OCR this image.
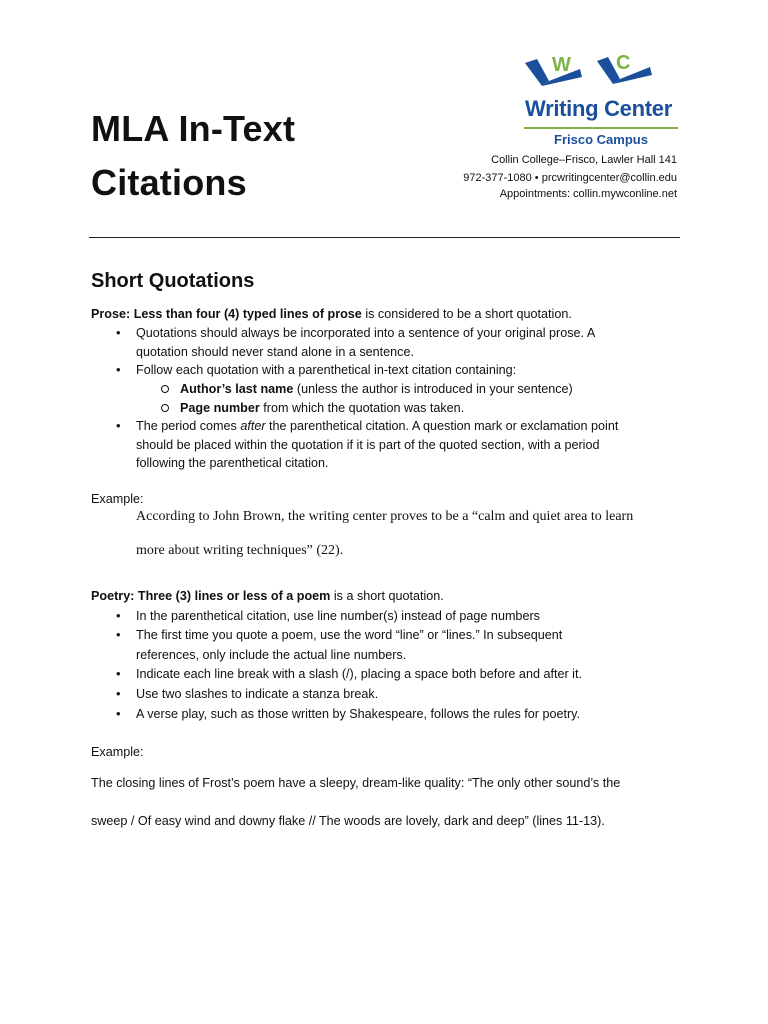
MLA In-Text
Citations
W C
Writing Center
Frisco Campus
Collin College–Frisco, Lawler Hall 141
972-377-1080 • prcwritingcenter@collin.edu
Appointments: collin.mywconline.net
Short Quotations
Prose: Less than four (4) typed lines of prose is considered to be a short quotation.
• Quotations should always be incorporated into a sentence of your original prose. A
quotation should never stand alone in a sentence.
• Follow each quotation with a parenthetical in-text citation containing:
Author’s last name (unless the author is introduced in your sentence)
Page number from which the quotation was taken.
• The period comes after the parenthetical citation. A question mark or exclamation point
should be placed within the quotation if it is part of the quoted section, with a period
following the parenthetical citation.
Example:
According to John Brown, the writing center proves to be a “calm and quiet area to learn
more about writing techniques” (22).
Poetry: Three (3) lines or less of a poem is a short quotation.
• In the parenthetical citation, use line number(s) instead of page numbers
• The first time you quote a poem, use the word “line” or “lines.” In subsequent
references, only include the actual line numbers.
• Indicate each line break with a slash (/), placing a space both before and after it.
• Use two slashes to indicate a stanza break.
• A verse play, such as those written by Shakespeare, follows the rules for poetry.
Example:
The closing lines of Frost’s poem have a sleepy, dream-like quality: “The only other sound’s the
sweep / Of easy wind and downy flake // The woods are lovely, dark and deep” (lines 11-13).
